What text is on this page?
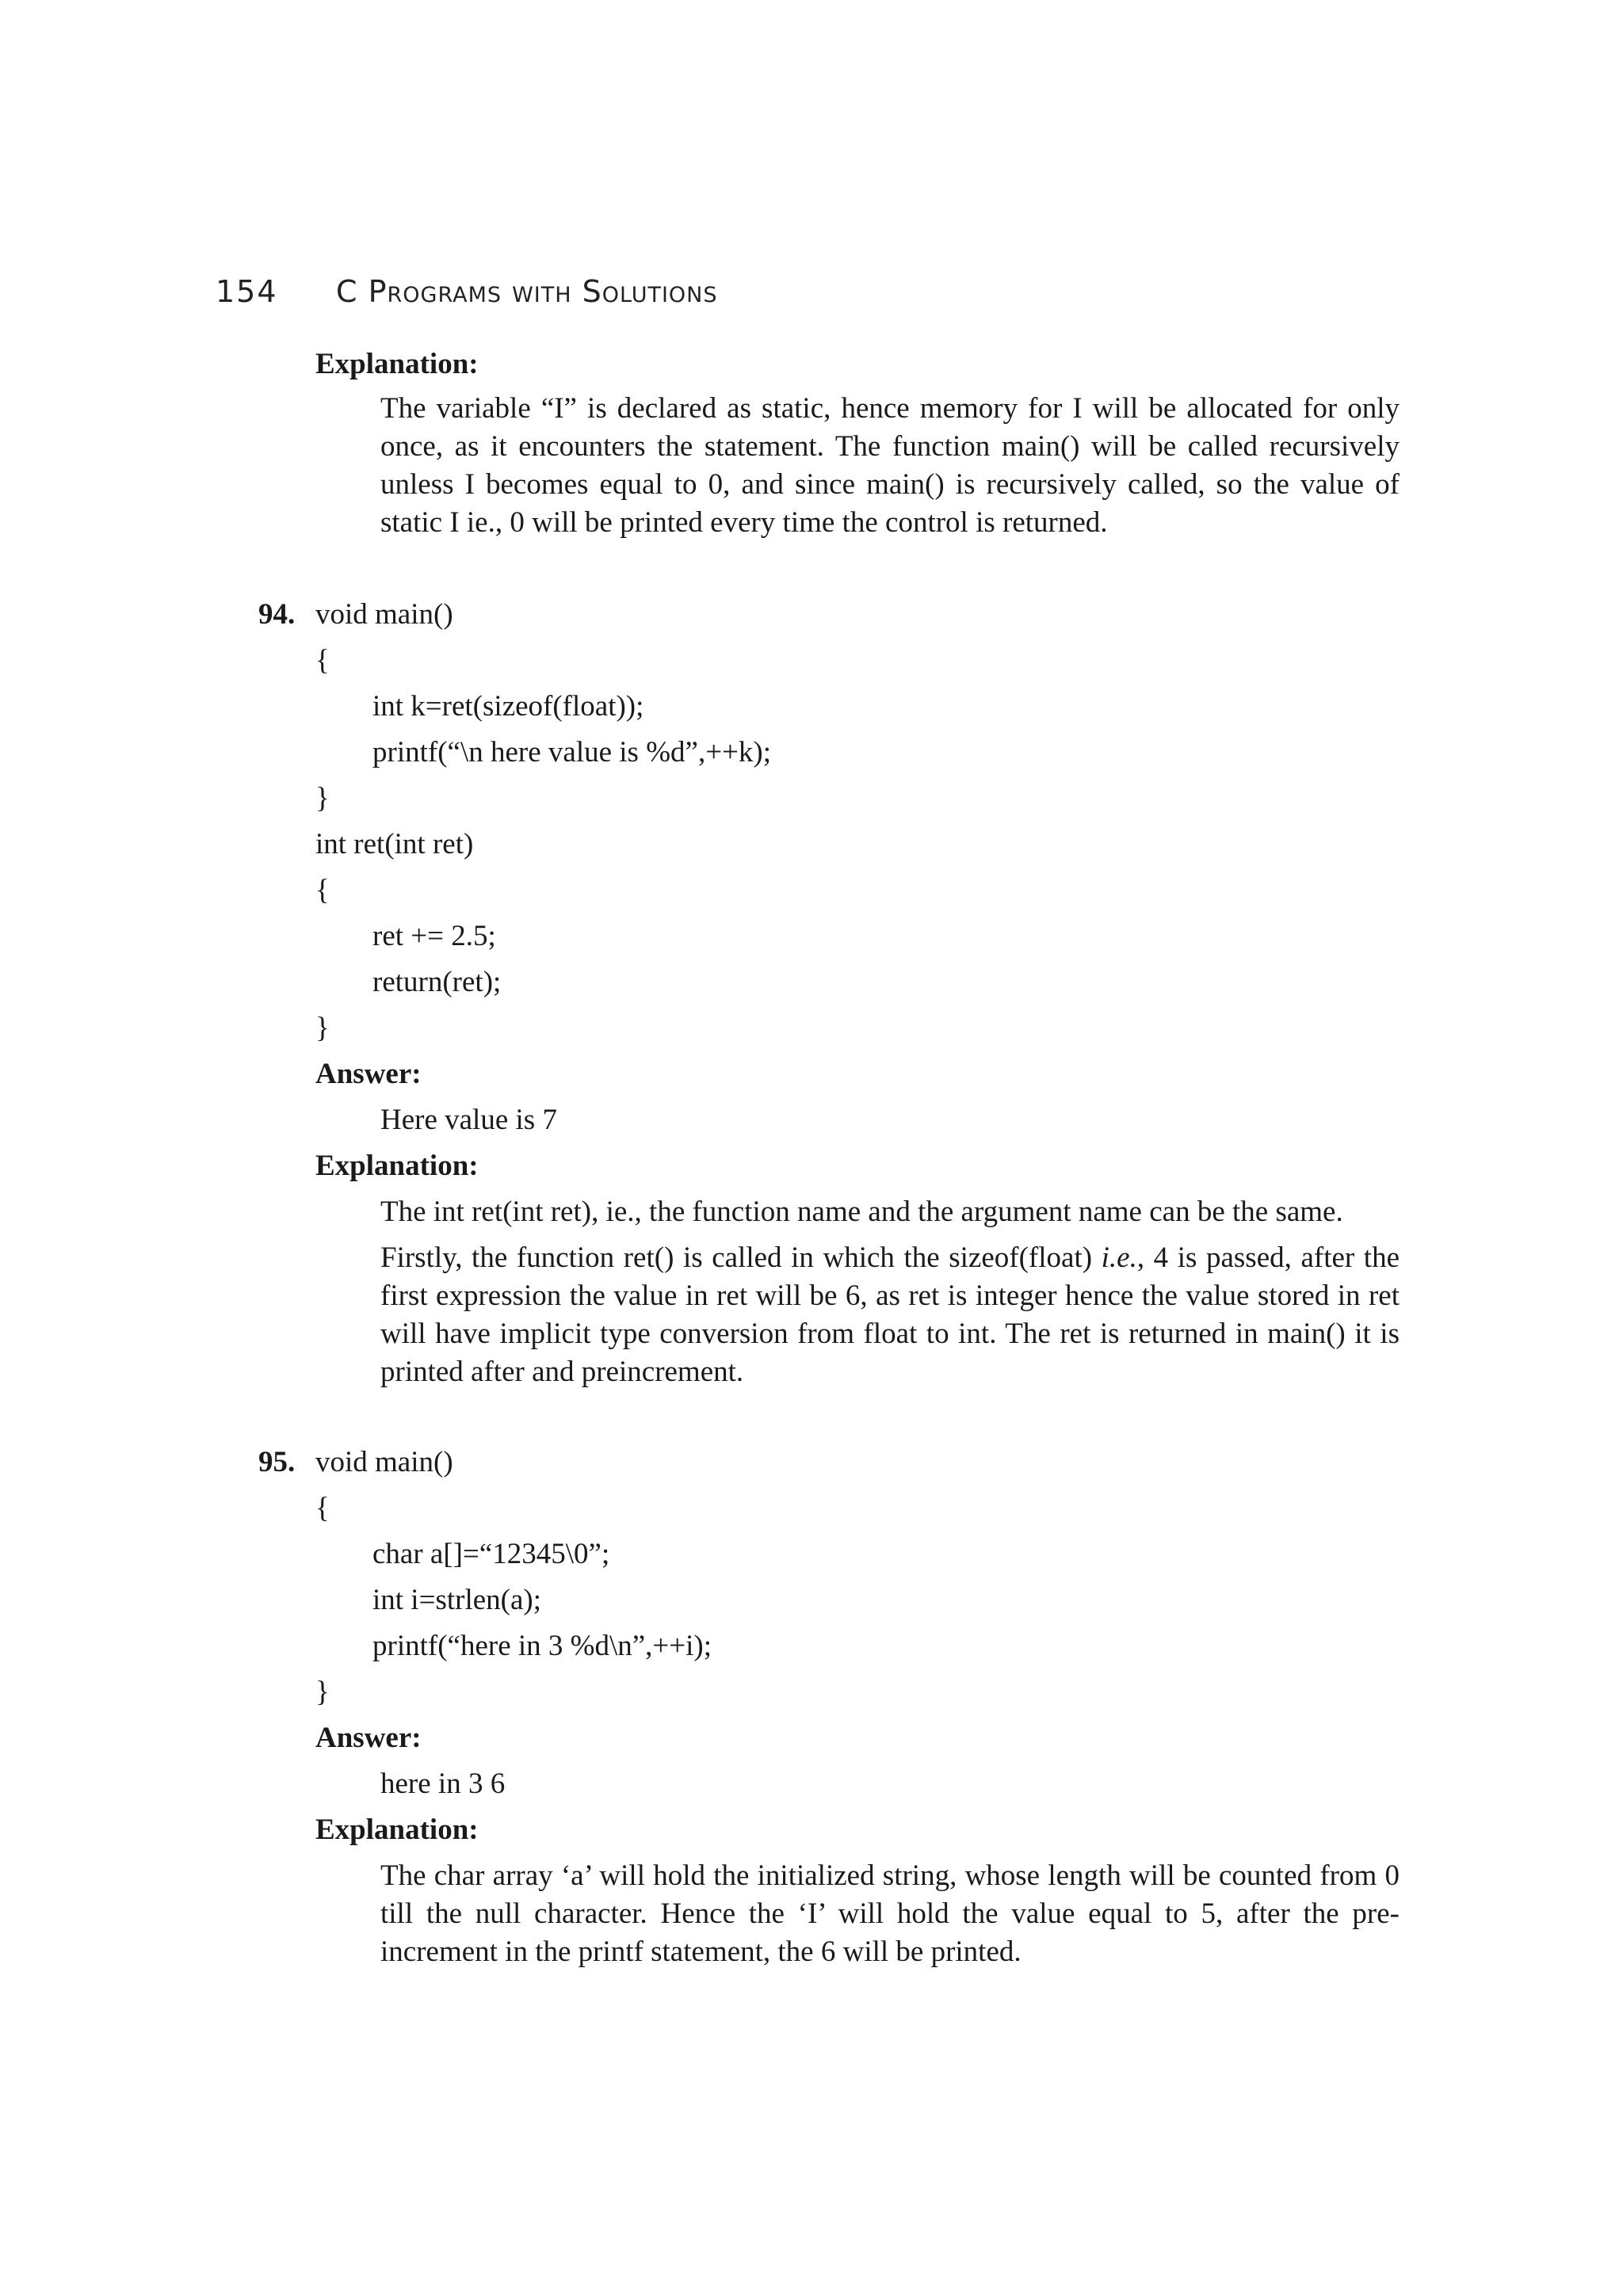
154	C Programs with Solutions
Explanation:
The variable “I” is declared as static, hence memory for I will be allocated for only once, as it encounters the statement. The function main() will be called recursively unless I becomes equal to 0, and since main() is recursively called, so the value of static I ie., 0 will be printed every time the control is returned.
94. void main()
{
int k=ret(sizeof(float));
printf(“\n here value is %d”,++k);
}
int ret(int ret)
{
ret += 2.5;
return(ret);
}
Answer:
Here value is 7
Explanation:
The int ret(int ret), ie., the function name and the argument name can be the same.
Firstly, the function ret() is called in which the sizeof(float) i.e., 4 is passed, after the first expression the value in ret will be 6, as ret is integer hence the value stored in ret will have implicit type conversion from float to int. The ret is returned in main() it is printed after and preincrement.
95. void main()
{
char a[]=“12345\0”;
int i=strlen(a);
printf(“here in 3 %d\n”,++i);
}
Answer:
here in 3 6
Explanation:
The char array ‘a’ will hold the initialized string, whose length will be counted from 0 till the null character. Hence the ‘I’ will hold the value equal to 5, after the pre-increment in the printf statement, the 6 will be printed.
